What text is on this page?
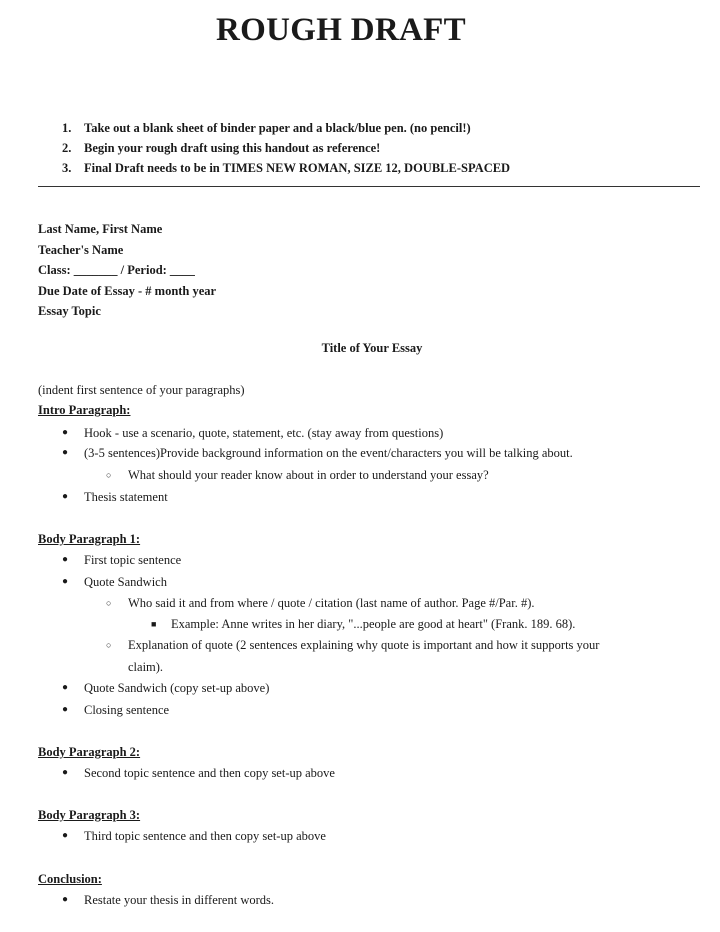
ROUGH DRAFT
1. Take out a blank sheet of binder paper and a black/blue pen. (no pencil!)
2. Begin your rough draft using this handout as reference!
3. Final Draft needs to be in TIMES NEW ROMAN, SIZE 12, DOUBLE-SPACED
Last Name, First Name
Teacher's Name
Class: _______ / Period: ____
Due Date of Essay - # month year
Essay Topic

Title of Your Essay

(indent first sentence of your paragraphs)
Intro Paragraph:
● Hook - use a scenario, quote, statement, etc. (stay away from questions)
● (3-5 sentences)Provide background information on the event/characters you will be talking about.
○ What should your reader know about in order to understand your essay?
● Thesis statement
Body Paragraph 1:
● First topic sentence
● Quote Sandwich
○ Who said it and from where / quote / citation (last name of author. Page #/Par. #).
■ Example: Anne writes in her diary, "...people are good at heart" (Frank. 189. 68).
○ Explanation of quote (2 sentences explaining why quote is important and how it supports your
claim).
● Quote Sandwich (copy set-up above)
● Closing sentence
Body Paragraph 2:
● Second topic sentence and then copy set-up above
Body Paragraph 3:
● Third topic sentence and then copy set-up above
Conclusion:
● Restate your thesis in different words.
